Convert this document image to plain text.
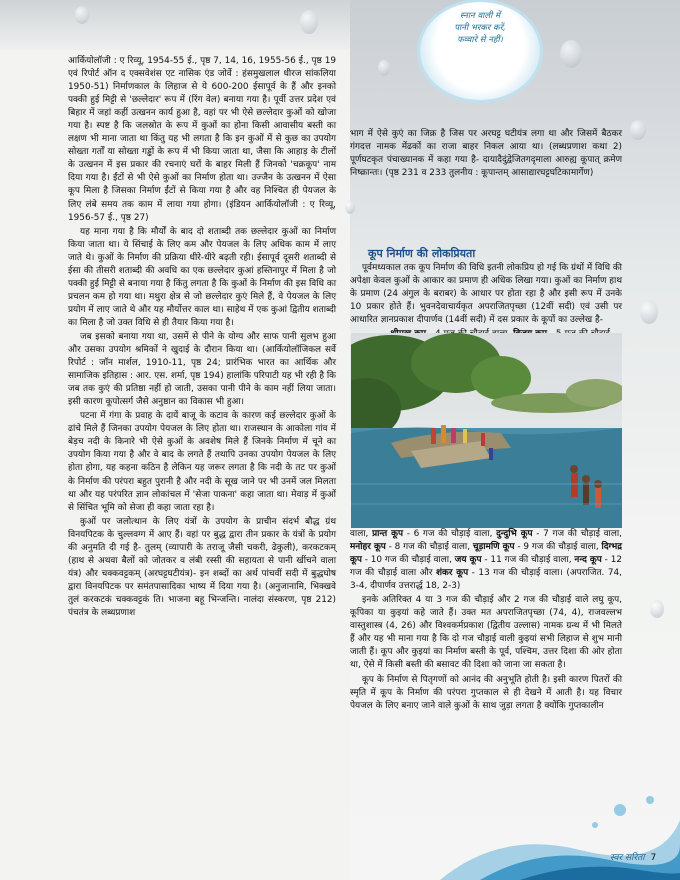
स्नान वाली में
पानी भरकर करें,
फव्वारे से नहीं।

आर्कियोलॉजी : ए रिव्यू, 1954-55 ई., पृष्ठ 7, 14, 16, 1955-56 ई., पृष्ठ 19 एवं रिपोर्ट ऑन द एक्सवेशंस एट नासिक एंड जोर्वे : हंसमुखलाल धीरज सांकलिया 1950-51) निर्माणकाल के लिहाज से ये 600-200 ईसापूर्व के हैं और इनको पक्की हुई मिट्टी से 'छल्लेदार' रूप में (रिंग वेल) बनाया गया है। पूर्वी उत्तर प्रदेश एवं बिहार में जहां कहीं उत्खनन कार्य हुआ है, वहां पर भी ऐसे छल्लेदार कुओं को खोजा गया है। स्पष्ट है कि जलस्रोत के रूप में कुओं का होना किसी आवासीय बस्ती का लक्षण भी माना जाता था किंतु यह भी लगता है कि इन कुओं में से कुछ का उपयोग सोख्ता गर्तों या सोख्ता गड्ढों के रूप में भी किया जाता था, जैसा कि आहाड़ के टीलों के उत्खनन में इस प्रकार की रचनाएं घरों के बाहर मिली हैं जिनको 'चक्रकूप' नाम दिया गया है। ईंटों से भी ऐसे कुओं का निर्माण होता था। उज्जैन के उत्खनन में ऐसा कूप मिला है जिसका निर्माण ईंटों से किया गया है और वह निश्चित ही पेयजल के लिए लंबे समय तक काम में लाया गया होगा। (इंडियन आर्कियोलॉजी : ए रिव्यू, 1956-57 ई., पृष्ठ 27)

यह माना गया है कि मौर्यों के बाद दो शताब्दी तक छल्लेदार कुओं का निर्माण किया जाता था। ये सिंचाई के लिए कम और पेयजल के लिए अधिक काम में लाए जाते थे। कुओं के निर्माण की प्रक्रिया धीरे-धीरे बढ़ती रही। ईसापूर्व दूसरी शताब्दी से ईसा की तीसरी शताब्दी की अवधि का एक छल्लेदार कुआं हस्तिनापुर में मिला है जो पक्की हुई मिट्टी से बनाया गया है किंतु लगता है कि कुओं के निर्माण की इस विधि का प्रचलन कम हो गया था। मथुरा क्षेत्र से जो छल्लेदार कुएं मिले हैं, वे पेयजल के लिए प्रयोग में लाए जाते थे और यह मौर्योत्तर काल था। साहेथ में एक कुआं द्वितीय शताब्दी का मिला है जो उक्त विधि से ही तैयार किया गया है।

जब इसको बनाया गया था, उसमें से पीने के योग्य और साफ पानी सुलभ हुआ और उसका उपयोग श्रमिकों ने खुदाई के दौरान किया था। (आर्कियोलॉजिकल सर्वे रिपोर्ट : जॉन मार्शल, 1910-11, पृष्ठ 24; प्रारंभिक भारत का आर्थिक और सामाजिक इतिहास : आर. एस. शर्मा, पृष्ठ 194) हालांकि परिपाटी यह भी रही है कि जब तक कुएं की प्रतिष्ठा नहीं हो जाती, उसका पानी पीने के काम नहीं लिया जाता। इसी कारण कूपोत्सर्ग जैसे अनुष्ठान का विकास भी हुआ।

पटना में गंगा के प्रवाह के दायें बाजू के कटाव के कारण कई छल्लेदार कुओं के ढांचे मिले हैं जिनका उपयोग पेयजल के लिए होता था। राजस्थान के आकोला गांव में बेड़च नदी के किनारे भी ऐसे कुओं के अवशेष मिले हैं जिनके निर्माण में चूने का उपयोग किया गया है और वे बाद के लगते हैं तथापि उनका उपयोग पेयजल के लिए होता होगा, यह कहना कठिन है लेकिन यह जरूर लगता है कि नदी के तट पर कुओं के निर्माण की परंपरा बहुत पुरानी है और नदी के सूख जाने पर भी उनमें जल मिलता था और यह परंपरित ज्ञान लोकांचल में 'सेजा पाकना' कहा जाता था। मेवाड़ में कुओं से सिंचित भूमि को सेजा ही कहा जाता रहा है।

कुओं पर जलोत्थान के लिए यंत्रों के उपयोग के प्राचीन संदर्भ बौद्ध ग्रंथ विनयपिटक के चुल्लवग्ग में आए हैं। वहां पर बुद्ध द्वारा तीन प्रकार के यंत्रों के प्रयोग की अनुमति दी गई है- तुलम् (व्यापारी के तराजू जैसी चकरी, ढेकुली), करकटकम् (हाथ से अथवा बैलों को जोतकर व लंबी रस्सी की सहायता से पानी खींचने वाला यंत्र) और चक्कवट्टकम् (अरघट्टघटीयंत्र)- इन शब्दों का अर्थ पांचवीं सदी में बुद्धघोष द्वारा विनयपिटक पर समंतपासादिका भाष्य में दिया गया है। (अनुजानामि, भिक्खवे तुलं करकटकं चक्कवट्टकं ति। भाजना बहू भिन्जन्ति। नालंदा संस्करण, पृष्ठ 212) पंचतंत्र के लब्धप्रणाश

भाग में ऐसे कुएं का जिक्र है जिस पर अरघट्ट घटीयंत्र लगा था और जिसमें बैठकर गंगदत्त नामक मेंढकों का राजा बाहर निकल आया था। (लब्धप्रणाश कथा 2) पूर्णघटकृत पंचाख्यानक में कहा गया है- दायादैदुंद्वेजितगदृमाला आरुह्य कूपात् क्रमेण निष्क्रान्तः। (पृष्ठ 231 व 233 तुलनीय : कूपान्तम् आसाद्यारघट्टघटिकामार्गेण)

कूप निर्माण की लोकप्रियता

पूर्वमध्यकाल तक कूप निर्माण की विधि इतनी लोकप्रिय हो गई कि ग्रंथों में विधि की अपेक्षा केवल कुओं के आकार का प्रमाण ही अधिक लिखा गया। कुओं का निर्माण हाथ के प्रमाण (24 अंगुल के बराबर) के आधार पर होता रहा है और इसी रूप में उनके 10 प्रकार होते हैं। भुवनदेवाचार्यकृत अपराजितपृच्छा (12वीं सदी) एवं उसी पर आधारित ज्ञानप्रकाश दीपार्णव (14वीं सदी) में दस प्रकार के कूपों का उल्लेख है-

वाला, प्रान्त कूप - 6 गज की चौड़ाई वाला, दुन्दुभि कूप - 7 गज की चौड़ाई वाला, मनोहर कूप - 8 गज की चौड़ाई वाला, चूड़ामणि कूप - 9 गज की चौड़ाई वाला, दिग्भद्र कूप - 10 गज की चौड़ाई वाला, जय कूप - 11 गज की चौड़ाई वाला, नन्द कूप - 12 गज की चौड़ाई वाला और शंकर कूप - 13 गज की चौड़ाई वाला। (अपराजित. 74, 3-4, दीपार्णव उत्तरार्द्ध 18, 2-3)

इनके अतिरिक्त 4 या 3 गज की चौड़ाई और 2 गज की चौड़ाई वाले लघु कूप, कूपिका या कुइयां कहे जाते हैं। उक्त मत अपराजितपृच्छा (74, 4), राजवल्लभ वास्तुशास्त्र (4, 26) और विश्वकर्मप्रकाश (द्वितीय उल्लास) नामक ग्रन्थ में भी मिलते हैं और यह भी माना गया है कि दो गज चौड़ाई वाली कुइयां सभी लिहाज से शुभ मानी जाती हैं। कूप और कुइयां का निर्माण बस्ती के पूर्व, पश्चिम, उत्तर दिशा की ओर होता था, ऐसे में किसी बस्ती की बसावट की दिशा को जाना जा सकता है।

कूप के निर्माण से पितृगणों को आनंद की अनुभूति होती है। इसी कारण पितरों की स्मृति में कूप के निर्माण की परंपरा गुप्तकाल से ही देखने में आती है। यह विचार पेयजल के लिए बनाए जाने वाले कुओं के साथ जुड़ा लगता है क्योंकि गुप्तकालीन

स्वर सरिता 7
